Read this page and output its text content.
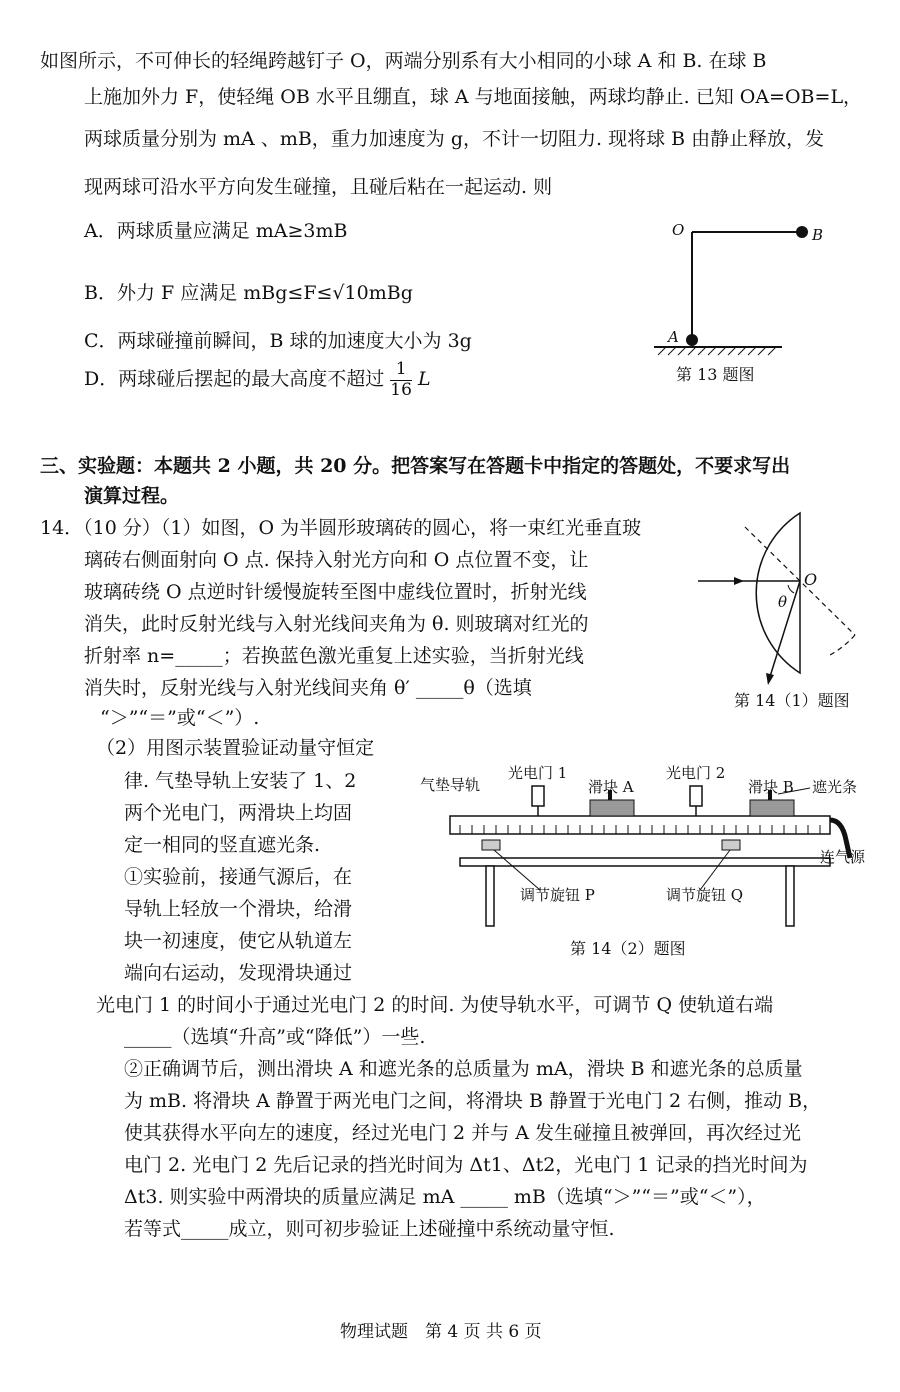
如图所示，不可伸长的轻绳跨越钉子 O，两端分别系有大小相同的小球 A 和 B. 在球 B
上施加外力 F，使轻绳 OB 水平且绷直，球 A 与地面接触，两球均静止. 已知 OA=OB=L，
两球质量分别为 mA 、mB，重力加速度为 g，不计一切阻力. 现将球 B 由静止释放，发
现两球可沿水平方向发生碰撞，且碰后粘在一起运动. 则
A．两球质量应满足 mA≥3mB
B．外力 F 应满足 mBg≤F≤√10mBg
C．两球碰撞前瞬间，B 球的加速度大小为 3g
D．两球碰后摆起的最大高度不超过 $\frac{1}{16}$ L
O	B
A
第 13 题图
三、实验题：本题共 2 小题，共 20 分。把答案写在答题卡中指定的答题处，不要求写出
演算过程。
14．（10 分）（1）如图，O 为半圆形玻璃砖的圆心，将一束红光垂直玻
璃砖右侧面射向 O 点. 保持入射光方向和 O 点位置不变，让
玻璃砖绕 O 点逆时针缓慢旋转至图中虚线位置时，折射光线
消失，此时反射光线与入射光线间夹角为 θ. 则玻璃对红光的
折射率 n=_____；若换蓝色激光重复上述实验，当折射光线
消失时，反射光线与入射光线间夹角 θ′ _____θ（选填
“＞”“＝”或“＜”）.
O
θ
第 14（1）题图
（2）用图示装置验证动量守恒定
律. 气垫导轨上安装了 1、2
两个光电门，两滑块上均固
定一相同的竖直遮光条.
①实验前，接通气源后，在
导轨上轻放一个滑块，给滑
块一初速度，使它从轨道左
端向右运动，发现滑块通过
光电门 1 的时间小于通过光电门 2 的时间. 为使导轨水平，可调节 Q 使轨道右端
_____（选填“升高”或“降低”）一些.
②正确调节后，测出滑块 A 和遮光条的总质量为 mA，滑块 B 和遮光条的总质量
为 mB. 将滑块 A 静置于两光电门之间，将滑块 B 静置于光电门 2 右侧，推动 B，
使其获得水平向左的速度，经过光电门 2 并与 A 发生碰撞且被弹回，再次经过光
电门 2. 光电门 2 先后记录的挡光时间为 Δt1、Δt2，光电门 1 记录的挡光时间为
Δt3. 则实验中两滑块的质量应满足 mA _____ mB（选填“＞”“＝”或“＜”），
若等式_____成立，则可初步验证上述碰撞中系统动量守恒.
气垫导轨
光电门 1
滑块 A
光电门 2
滑块 B 遮光条
连气源
调节旋钮 P	调节旋钮 Q
第 14（2）题图
物理试题　第 4 页 共 6 页
